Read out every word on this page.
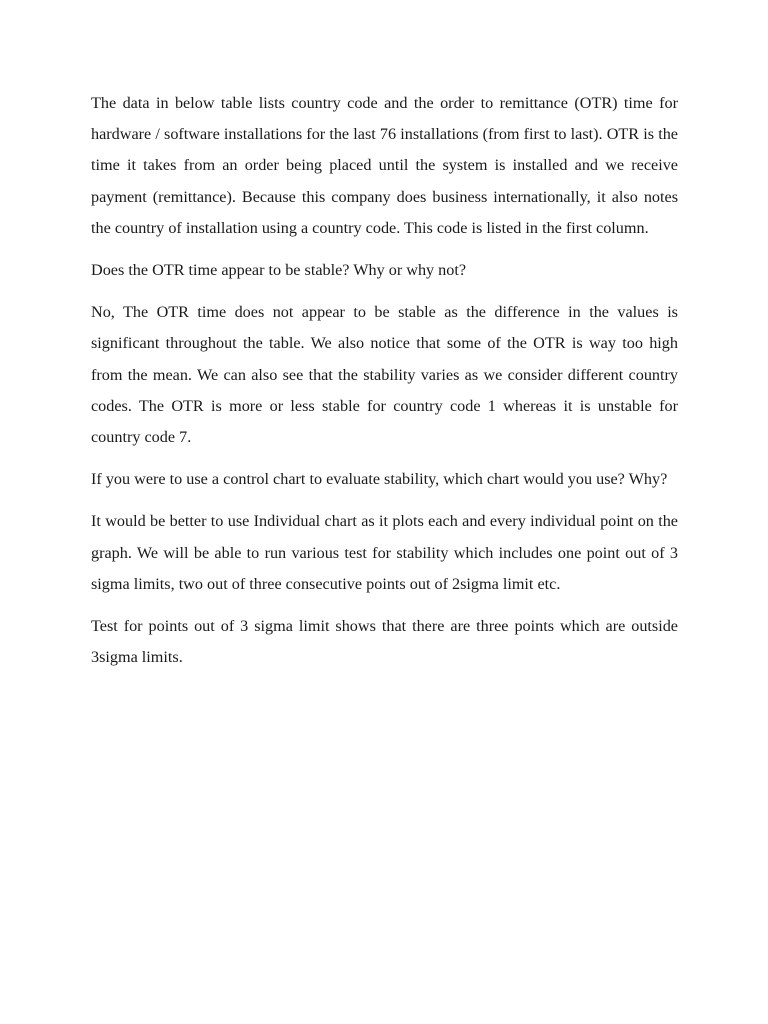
The data in below table lists country code and the order to remittance (OTR) time for hardware / software installations for the last 76 installations (from first to last). OTR is the time it takes from an order being placed until the system is installed and we receive payment (remittance). Because this company does business internationally, it also notes the country of installation using a country code. This code is listed in the first column.

Does the OTR time appear to be stable? Why or why not?

No, The OTR time does not appear to be stable as the difference in the values is significant throughout the table. We also notice that some of the OTR is way too high from the mean. We can also see that the stability varies as we consider different country codes. The OTR is more or less stable for country code 1 whereas it is unstable for country code 7.

If you were to use a control chart to evaluate stability, which chart would you use? Why?

It would be better to use Individual chart as it plots each and every individual point on the graph. We will be able to run various test for stability which includes one point out of 3 sigma limits, two out of three consecutive points out of 2sigma limit etc.

Test for points out of 3 sigma limit shows that there are three points which are outside 3sigma limits.
